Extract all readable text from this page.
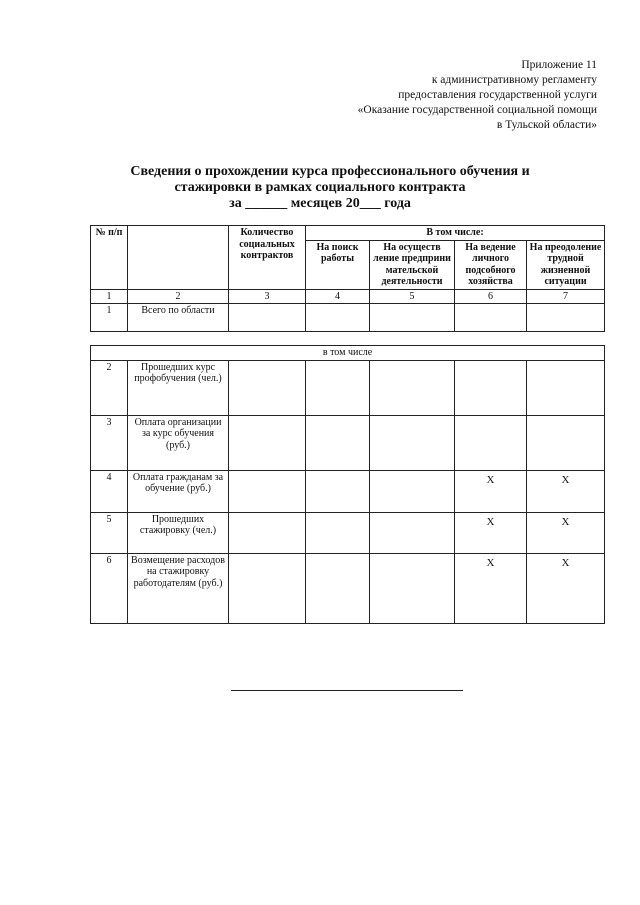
Приложение 11
к административному регламенту
предоставления государственной услуги
«Оказание государственной социальной помощи
в Тульской области»
Сведения о прохождении курса профессионального обучения и
стажировки в рамках социального контракта
за ______ месяцев 20___ года
№ п/п		Количество социальных контрактов	В том числе:			
			На поиск работы	На осуществ ление предприни мательской деятельности	На ведение личного подсобного хозяйства	На преодоление трудной жизненной ситуации
1	2	3	4	5	6	7
1	Всего по области					

в том числе						
2	Прошедших курс профобучения (чел.)					
3	Оплата организации за курс обучения (руб.)					
4	Оплата гражданам за обучение (руб.)				X	X
5	Прошедших стажировку (чел.)				X	X
6	Возмещение расходов на стажировку работодателям (руб.)				X	X
